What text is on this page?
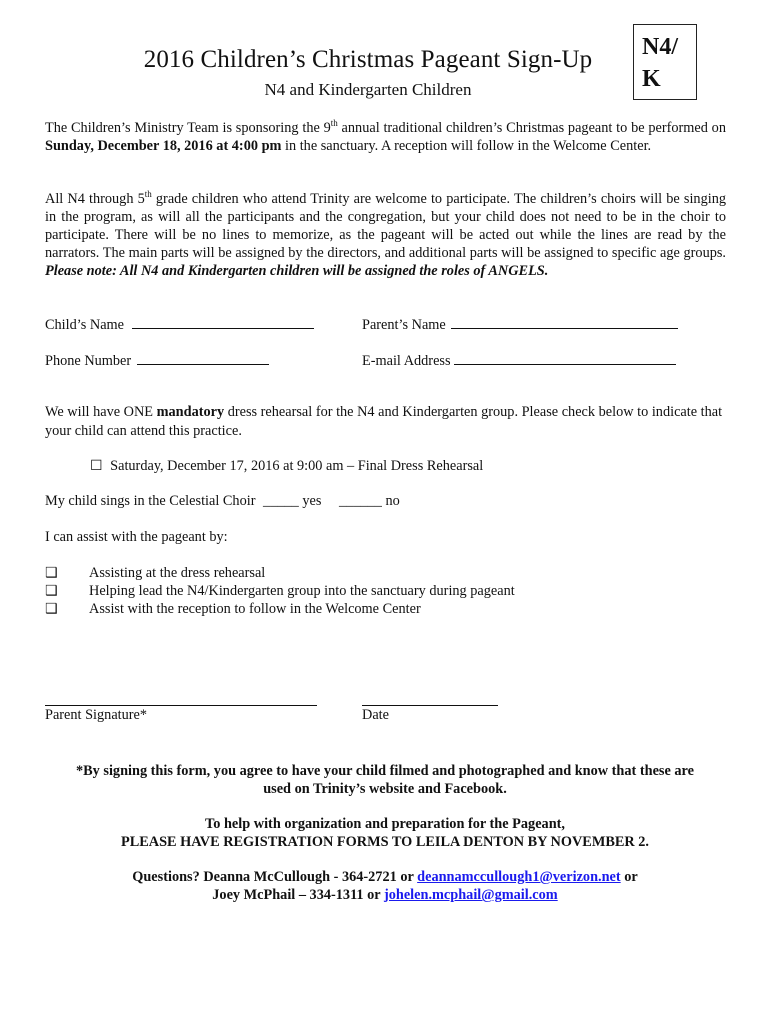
2016 Children’s Christmas Pageant Sign-Up
N4 and Kindergarten Children
N4/
K
The Children’s Ministry Team is sponsoring the 9th annual traditional children’s Christmas pageant to be performed on Sunday, December 18, 2016 at 4:00 pm in the sanctuary. A reception will follow in the Welcome Center.
All N4 through 5th grade children who attend Trinity are welcome to participate. The children’s choirs will be singing in the program, as will all the participants and the congregation, but your child does not need to be in the choir to participate. There will be no lines to memorize, as the pageant will be acted out while the lines are read by the narrators. The main parts will be assigned by the directors, and additional parts will be assigned to specific age groups. Please note: All N4 and Kindergarten children will be assigned the roles of ANGELS.
Child’s Name	Parent’s Name
Phone Number	E-mail Address
We will have ONE mandatory dress rehearsal for the N4 and Kindergarten group. Please check below to indicate that your child can attend this practice.
☐ Saturday, December 17, 2016 at 9:00 am – Final Dress Rehearsal
My child sings in the Celestial Choir _____ yes ______ no
I can assist with the pageant by:
❑ Assisting at the dress rehearsal
❑ Helping lead the N4/Kindergarten group into the sanctuary during pageant
❑ Assist with the reception to follow in the Welcome Center
Parent Signature*	Date
*By signing this form, you agree to have your child filmed and photographed and know that these are
used on Trinity’s website and Facebook.
To help with organization and preparation for the Pageant,
PLEASE HAVE REGISTRATION FORMS TO LEILA DENTON BY NOVEMBER 2.
Questions? Deanna McCullough - 364-2721 or deannamccullough1@verizon.net or
Joey McPhail – 334-1311 or johelen.mcphail@gmail.com
